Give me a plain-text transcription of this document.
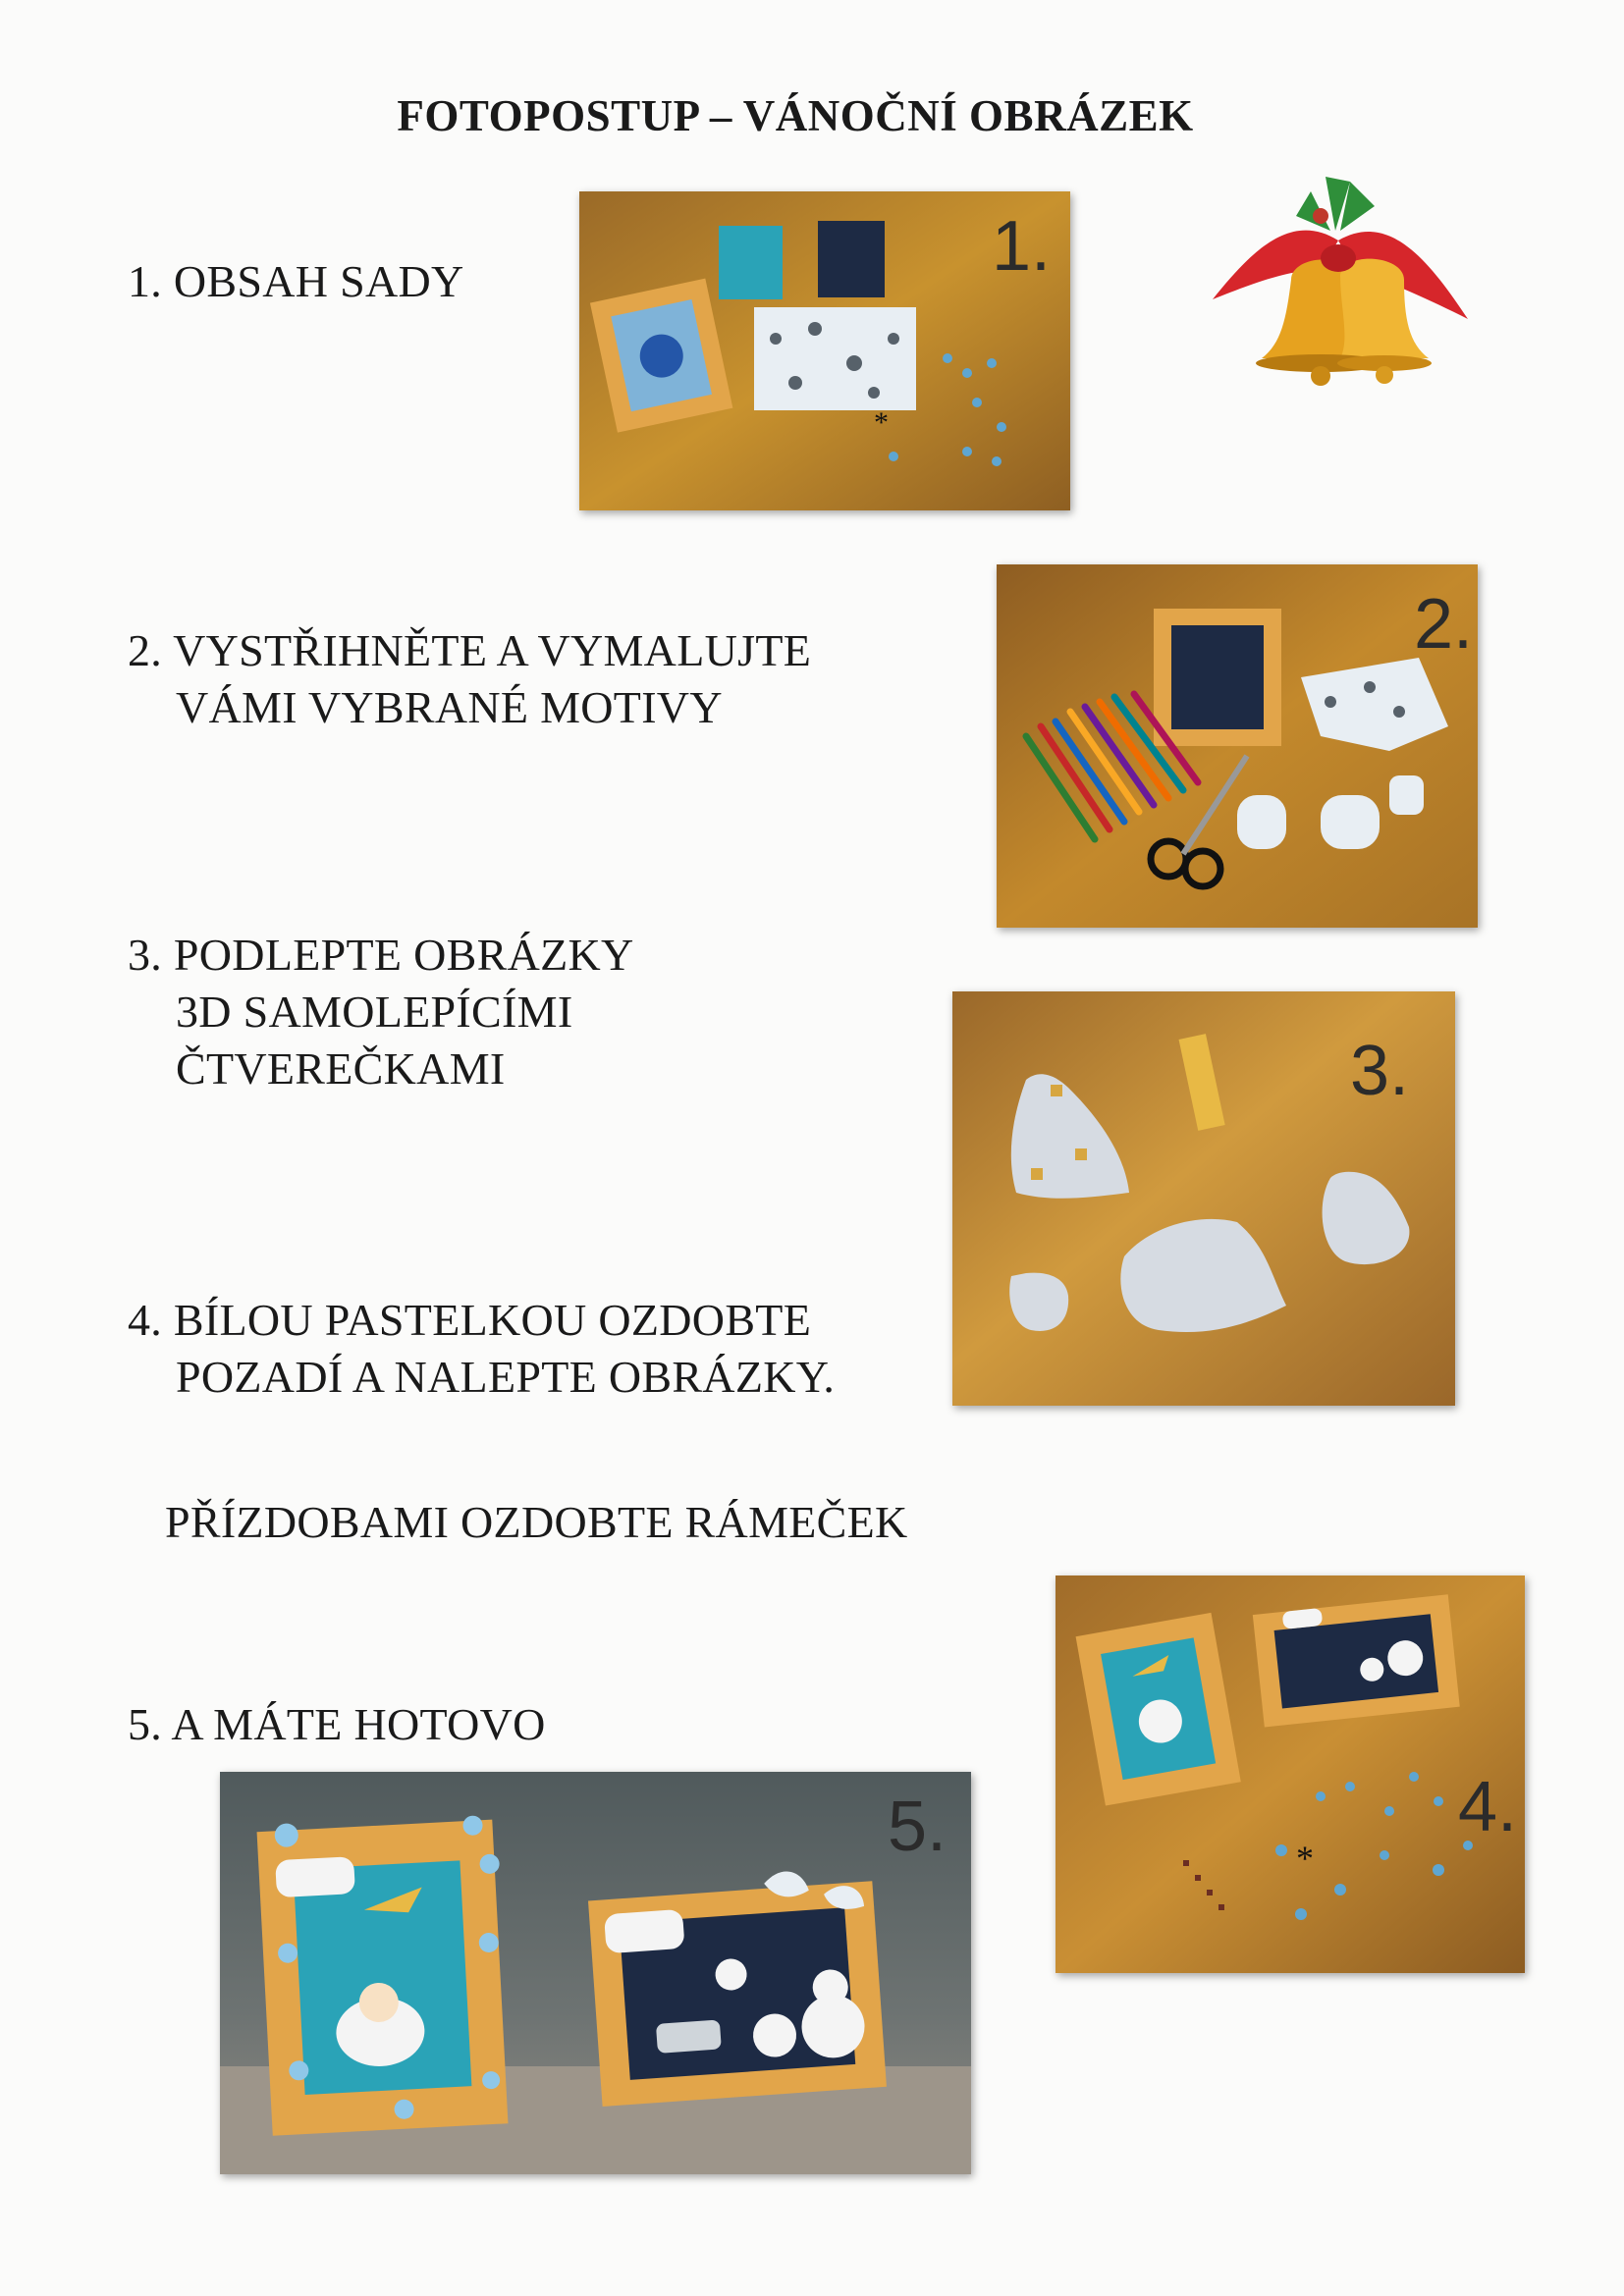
FOTOPOSTUP – VÁNOČNÍ OBRÁZEK
1. OBSAH SADY
2. VYSTŘIHNĚTE A VYMALUJTE
VÁMI VYBRANÉ MOTIVY
3. PODLEPTE OBRÁZKY
3D SAMOLEPÍCÍMI
ČTVEREČKAMI
4. BÍLOU PASTELKOU OZDOBTE
POZADÍ A NALEPTE OBRÁZKY.
PŘÍZDOBAMI OZDOBTE RÁMEČEK
5. A MÁTE HOTOVO
*
1.
2.
3.
*
4.
5.
